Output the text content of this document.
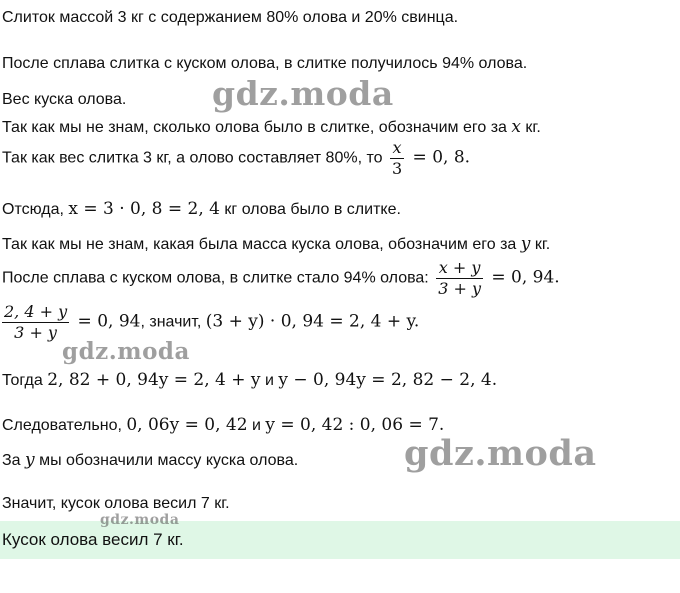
Слиток массой 3 кг с содержанием 80% олова и 20% свинца.
После сплава слитка с куском олова, в слитке получилось 94% олова.
Вес куска олова.
Так как мы не знам, сколько олова было в слитке, обозначим его за x кг.
Так как вес слитка 3 кг, а олово составляет 80%, то $\frac{x}{3} = 0$, 8.
Отсюда, x = 3 · 0, 8 = 2, 4 кг олова было в слитке.
Так как мы не знам, какая была масса куска олова, обозначим его за y кг.
После сплава с куском олова, в слитке стало 94% олова: $\frac{x + y}{3 + y} = 0$, 94.
$\frac{2, 4 + y}{3 + y} = 0$, 94, значит, (3 + y) · 0, 94 = 2, 4 + y.
Тогда 2, 82 + 0, 94y = 2, 4 + y и y − 0, 94y = 2, 82 − 2, 4.
Следовательно, 0, 06y = 0, 42 и y = 0, 42 : 0, 06 = 7.
За y мы обозначили массу куска олова.
Значит, кусок олова весил 7 кг.
Кусок олова весил 7 кг.
gdz.moda
gdz.moda
gdz.moda
gdz.moda
